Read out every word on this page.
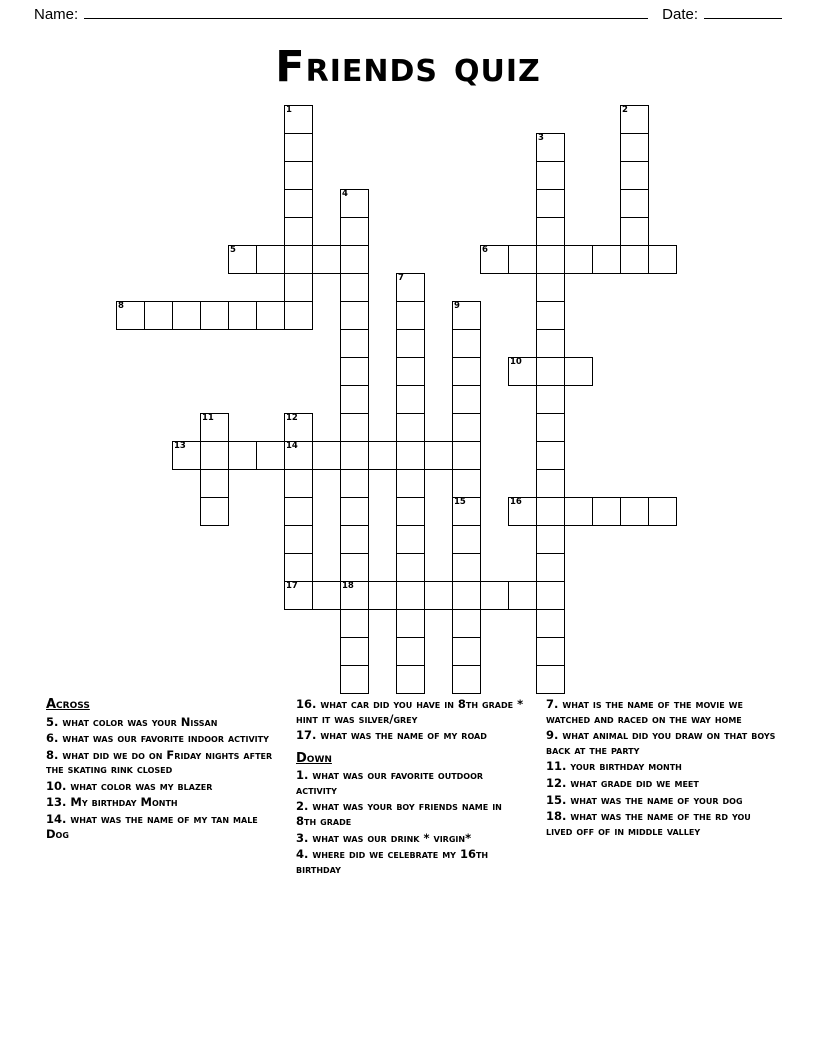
Name:	Date:
Friends quiz
1	2
3
4
5	6
7
8	9
10
11	12
13	14
15	16
17	18
Across
5. what color was your Nissan
6. what was our favorite indoor activity
8. what did we do on Friday nights after the skating rink closed
10. what color was my blazer
13. My birthday Month
14. what was the name of my tan male Dog
16. what car did you have in 8th grade * hint it was silver/grey
17. what was the name of my road
Down
1. what was our favorite outdoor activity
2. what was your boy friends name in 8th grade
3. what was our drink * virgin*
4. where did we celebrate my 16th birthday
7. what is the name of the movie we watched and raced on the way home
9. what animal did you draw on that boys back at the party
11. your birthday month
12. what grade did we meet
15. what was the name of your dog
18. what was the name of the rd you lived off of in middle valley
